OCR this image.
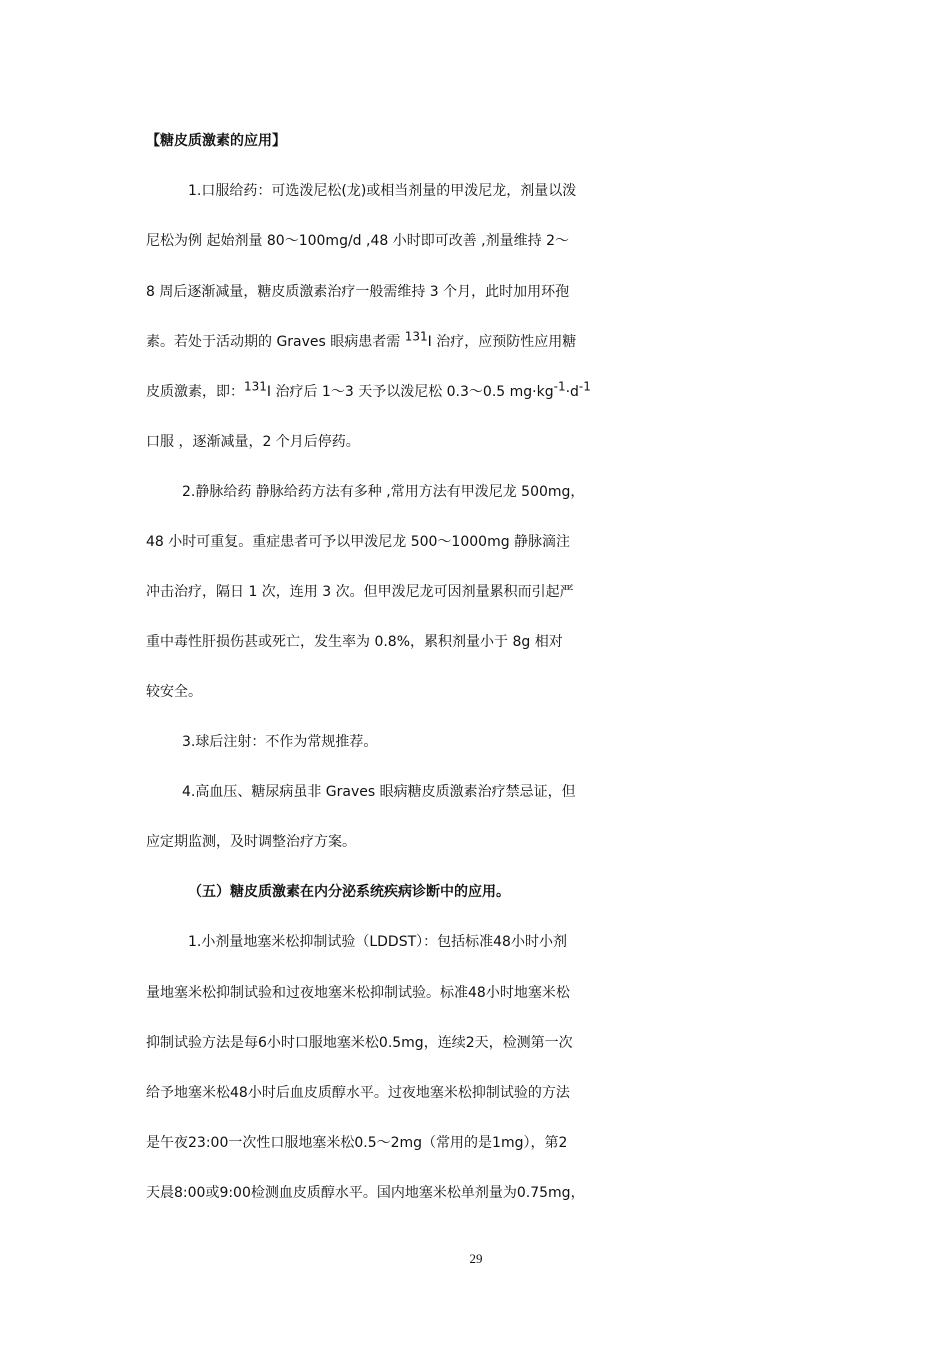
【糖皮质激素的应用】
1.口服给药：可选泼尼松(龙)或相当剂量的甲泼尼龙，剂量以泼
尼松为例 起始剂量 80～100mg/d ,48 小时即可改善 ,剂量维持 2～
8 周后逐渐减量，糖皮质激素治疗一般需维持 3 个月，此时加用环孢
素。若处于活动期的 Graves 眼病患者需 $^{131}$I 治疗，应预防性应用糖
皮质激素，即：$^{131}$I 治疗后 1～3 天予以泼尼松 0.3～0.5 $mg\cdot kg^{-1}\cdot d^{-1}$
口服 ，逐渐减量，2 个月后停药。
2.静脉给药 静脉给药方法有多种 ,常用方法有甲泼尼龙 500mg，
48 小时可重复。重症患者可予以甲泼尼龙 500～1000mg 静脉滴注
冲击治疗，隔日 1 次，连用 3 次。但甲泼尼龙可因剂量累积而引起严
重中毒性肝损伤甚或死亡，发生率为 0.8%，累积剂量小于 8g 相对
较安全。
3.球后注射：不作为常规推荐。
4.高血压、糖尿病虽非 Graves 眼病糖皮质激素治疗禁忌证，但
应定期监测，及时调整治疗方案。
（五）糖皮质激素在内分泌系统疾病诊断中的应用。
1.小剂量地塞米松抑制试验（LDDST）：包括标准48小时小剂
量地塞米松抑制试验和过夜地塞米松抑制试验。标准48小时地塞米松
抑制试验方法是每6小时口服地塞米松0.5mg，连续2天，检测第一次
给予地塞米松48小时后血皮质醇水平。过夜地塞米松抑制试验的方法
是午夜23:00一次性口服地塞米松0.5～2mg（常用的是1mg），第2
天晨8:00或9:00检测血皮质醇水平。国内地塞米松单剂量为0.75mg，
29
